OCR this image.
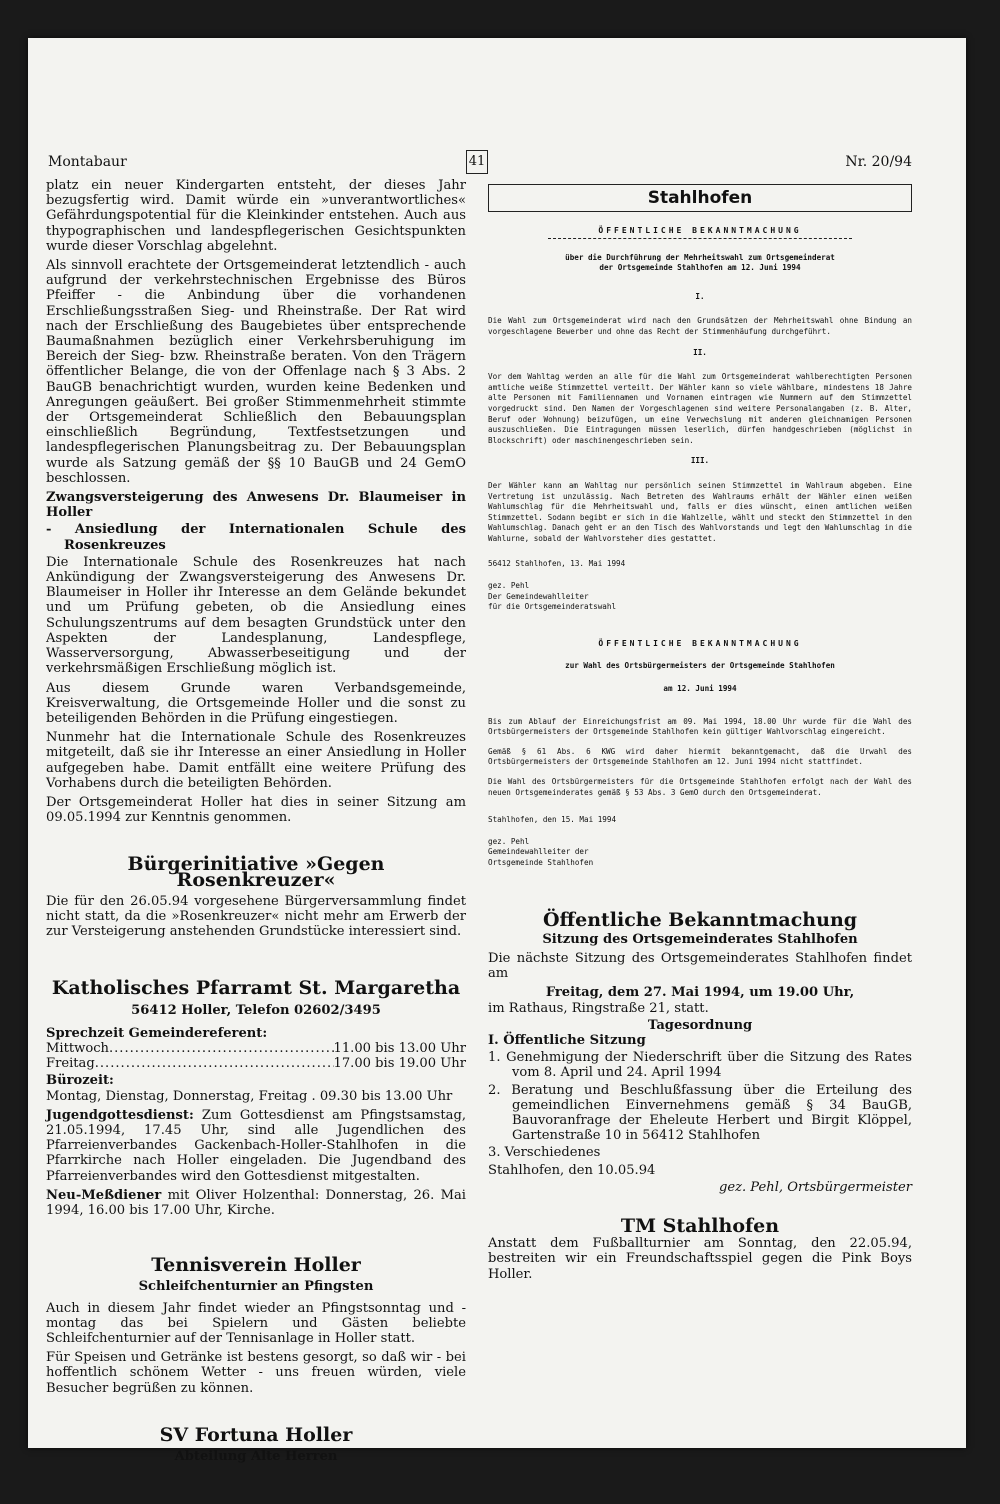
Montabaur	41	Nr. 20/94

platz ein neuer Kindergarten entsteht, der dieses Jahr bezugsfertig wird. Damit würde ein »unverantwortliches« Gefährdungspotential für die Kleinkinder entstehen. Auch aus thypographischen und landespflegerischen Gesichtspunkten wurde dieser Vorschlag abgelehnt.

Als sinnvoll erachtete der Ortsgemeinderat letztendlich - auch aufgrund der verkehrstechnischen Ergebnisse des Büros Pfeiffer - die Anbindung über die vorhandenen Erschließungsstraßen Sieg- und Rheinstraße. Der Rat wird nach der Erschließung des Baugebietes über entsprechende Baumaßnahmen bezüglich einer Verkehrsberuhigung im Bereich der Sieg- bzw. Rheinstraße beraten. Von den Trägern öffentlicher Belange, die von der Offenlage nach § 3 Abs. 2 BauGB benachrichtigt wurden, wurden keine Bedenken und Anregungen geäußert. Bei großer Stimmenmehrheit stimmte der Ortsgemeinderat Schließlich den Bebauungsplan einschließlich Begründung, Textfestsetzungen und landespflegerischen Planungsbeitrag zu. Der Bebauungsplan wurde als Satzung gemäß der §§ 10 BauGB und 24 GemO beschlossen.

Zwangsversteigerung des Anwesens Dr. Blaumeiser in Holler

- Ansiedlung der Internationalen Schule des Rosenkreuzes

Die Internationale Schule des Rosenkreuzes hat nach Ankündigung der Zwangsversteigerung des Anwesens Dr. Blaumeiser in Holler ihr Interesse an dem Gelände bekundet und um Prüfung gebeten, ob die Ansiedlung eines Schulungszentrums auf dem besagten Grundstück unter den Aspekten der Landesplanung, Landespflege, Wasserversorgung, Abwasserbeseitigung und der verkehrsmäßigen Erschließung möglich ist.

Aus diesem Grunde waren Verbandsgemeinde, Kreisverwaltung, die Ortsgemeinde Holler und die sonst zu beteiligenden Behörden in die Prüfung eingestiegen.

Nunmehr hat die Internationale Schule des Rosenkreuzes mitgeteilt, daß sie ihr Interesse an einer Ansiedlung in Holler aufgegeben habe. Damit entfällt eine weitere Prüfung des Vorhabens durch die beteiligten Behörden.

Der Ortsgemeinderat Holler hat dies in seiner Sitzung am 09.05.1994 zur Kenntnis genommen.

Bürgerinitiative »Gegen Rosenkreuzer«

Die für den 26.05.94 vorgesehene Bürgerversammlung findet nicht statt, da die »Rosenkreuzer« nicht mehr am Erwerb der zur Versteigerung anstehenden Grundstücke interessiert sind.

Katholisches Pfarramt St. Margaretha
56412 Holler, Telefon 02602/3495
Sprechzeit Gemeindereferent:
Mittwoch .....	11.00 bis 13.00 Uhr
Freitag .....	17.00 bis 19.00 Uhr
Bürozeit:

Montag, Dienstag, Donnerstag, Freitag . 09.30 bis 13.00 Uhr

Jugendgottesdienst: Zum Gottesdienst am Pfingstsamstag, 21.05.1994, 17.45 Uhr, sind alle Jugendlichen des Pfarreienverbandes Gackenbach-Holler-Stahlhofen in die Pfarrkirche nach Holler eingeladen. Die Jugendband des Pfarreienverbandes wird den Gottesdienst mitgestalten.

Neu-Meßdiener mit Oliver Holzenthal: Donnerstag, 26. Mai 1994, 16.00 bis 17.00 Uhr, Kirche.

Tennisverein Holler
Schleifchenturnier an Pfingsten

Auch in diesem Jahr findet wieder an Pfingstsonntag und -montag das bei Spielern und Gästen beliebte Schleifchenturnier auf der Tennisanlage in Holler statt.

Für Speisen und Getränke ist bestens gesorgt, so daß wir - bei hoffentlich schönem Wetter - uns freuen würden, viele Besucher begrüßen zu können.

SV Fortuna Holler
Abteilung Alte Herren
Stahlhofen
ÖFFENTLICHE BEKANNTMACHUNG
über die Durchführung der Mehrheitswahl zum Ortsgemeinderat der Ortsgemeinde Stahlhofen am 12. Juni 1994
I.

Die Wahl zum Ortsgemeinderat wird nach den Grundsätzen der Mehrheitswahl ohne Bindung an vorgeschlagene Bewerber und ohne das Recht der Stimmenhäufung durchgeführt.

II.

Vor dem Wahltag werden an alle für die Wahl zum Ortsgemeinderat wahlberechtigten Personen amtliche weiße Stimmzettel verteilt. Der Wähler kann so viele wählbare, mindestens 18 Jahre alte Personen mit Familiennamen und Vornamen eintragen wie Nummern auf dem Stimmzettel vorgedruckt sind. Den Namen der Vorgeschlagenen sind weitere Personalangaben (z. B. Alter, Beruf oder Wohnung) beizufügen, um eine Verwechslung mit anderen gleichnamigen Personen auszuschließen. Die Eintragungen müssen leserlich, dürfen handgeschrieben (möglichst in Blockschrift) oder maschinengeschrieben sein.

III.

Der Wähler kann am Wahltag nur persönlich seinen Stimmzettel im Wahlraum abgeben. Eine Vertretung ist unzulässig. Nach Betreten des Wahlraums erhält der Wähler einen weißen Wahlumschlag für die Mehrheitswahl und, falls er dies wünscht, einen amtlichen weißen Stimmzettel. Sodann begibt er sich in die Wahlzelle, wählt und steckt den Stimmzettel in den Wahlumschlag. Danach geht er an den Tisch des Wahlvorstands und legt den Wahlumschlag in die Wahlurne, sobald der Wahlvorsteher dies gestattet.

56412 Stahlhofen, 13. Mai 1994

gez. Pehl
Der Gemeindewahlleiter
für die Ortsgemeinderatswahl
ÖFFENTLICHE BEKANNTMACHUNG
zur Wahl des Ortsbürgermeisters der Ortsgemeinde Stahlhofen
am 12. Juni 1994

Bis zum Ablauf der Einreichungsfrist am 09. Mai 1994, 18.00 Uhr wurde für die Wahl des Ortsbürgermeisters der Ortsgemeinde Stahlhofen kein gültiger Wahlvorschlag eingereicht.

Gemäß § 61 Abs. 6 KWG wird daher hiermit bekanntgemacht, daß die Urwahl des Ortsbürgermeisters der Ortsgemeinde Stahlhofen am 12. Juni 1994 nicht stattfindet.

Die Wahl des Ortsbürgermeisters für die Ortsgemeinde Stahlhofen erfolgt nach der Wahl des neuen Ortsgemeinderates gemäß § 53 Abs. 3 GemO durch den Ortsgemeinderat.

Stahlhofen, den 15. Mai 1994

gez. Pehl
Gemeindewahlleiter der
Ortsgemeinde Stahlhofen
Öffentliche Bekanntmachung
Sitzung des Ortsgemeinderates Stahlhofen

Die nächste Sitzung des Ortsgemeinderates Stahlhofen findet am

Freitag, dem 27. Mai 1994, um 19.00 Uhr,

im Rathaus, Ringstraße 21, statt.

Tagesordnung
I. Öffentliche Sitzung

1. Genehmigung der Niederschrift über die Sitzung des Rates vom 8. April und 24. April 1994

2. Beratung und Beschlußfassung über die Erteilung des gemeindlichen Einvernehmens gemäß § 34 BauGB, Bauvoranfrage der Eheleute Herbert und Birgit Klöppel, Gartenstraße 10 in 56412 Stahlhofen

3. Verschiedenes

Stahlhofen, den 10.05.94

gez. Pehl, Ortsbürgermeister

TM Stahlhofen

Anstatt dem Fußballturnier am Sonntag, den 22.05.94, bestreiten wir ein Freundschaftsspiel gegen die Pink Boys Holler.
